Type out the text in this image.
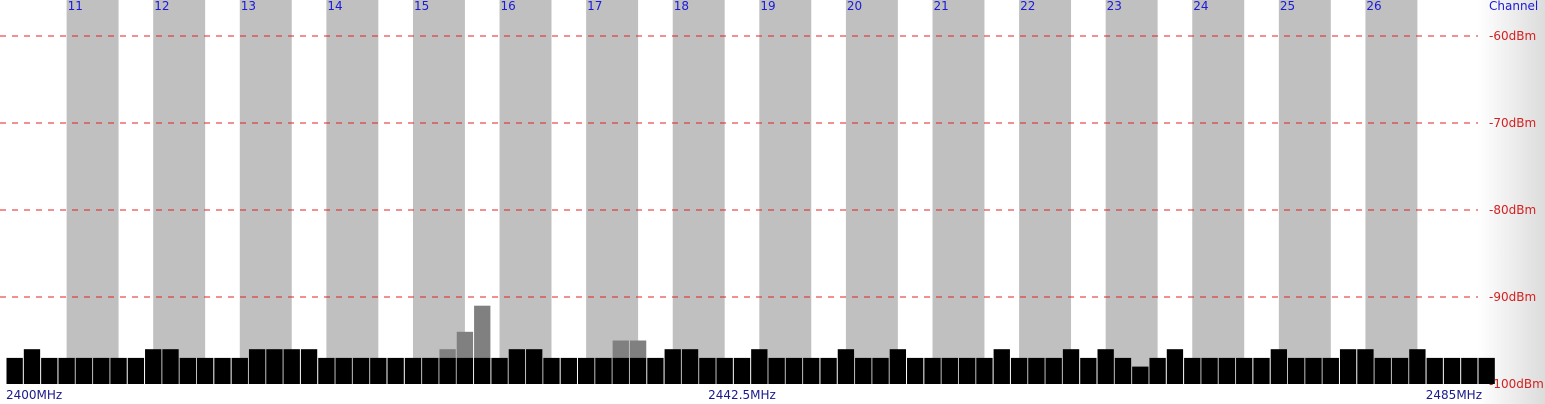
11	12	13	14	15	16	17	18	19	20	21	22	23	24	25	26	Channel
-60dBm
-70dBm
-80dBm
-90dBm
-100dBm
2400MHz	2442.5MHz	2485MHz
